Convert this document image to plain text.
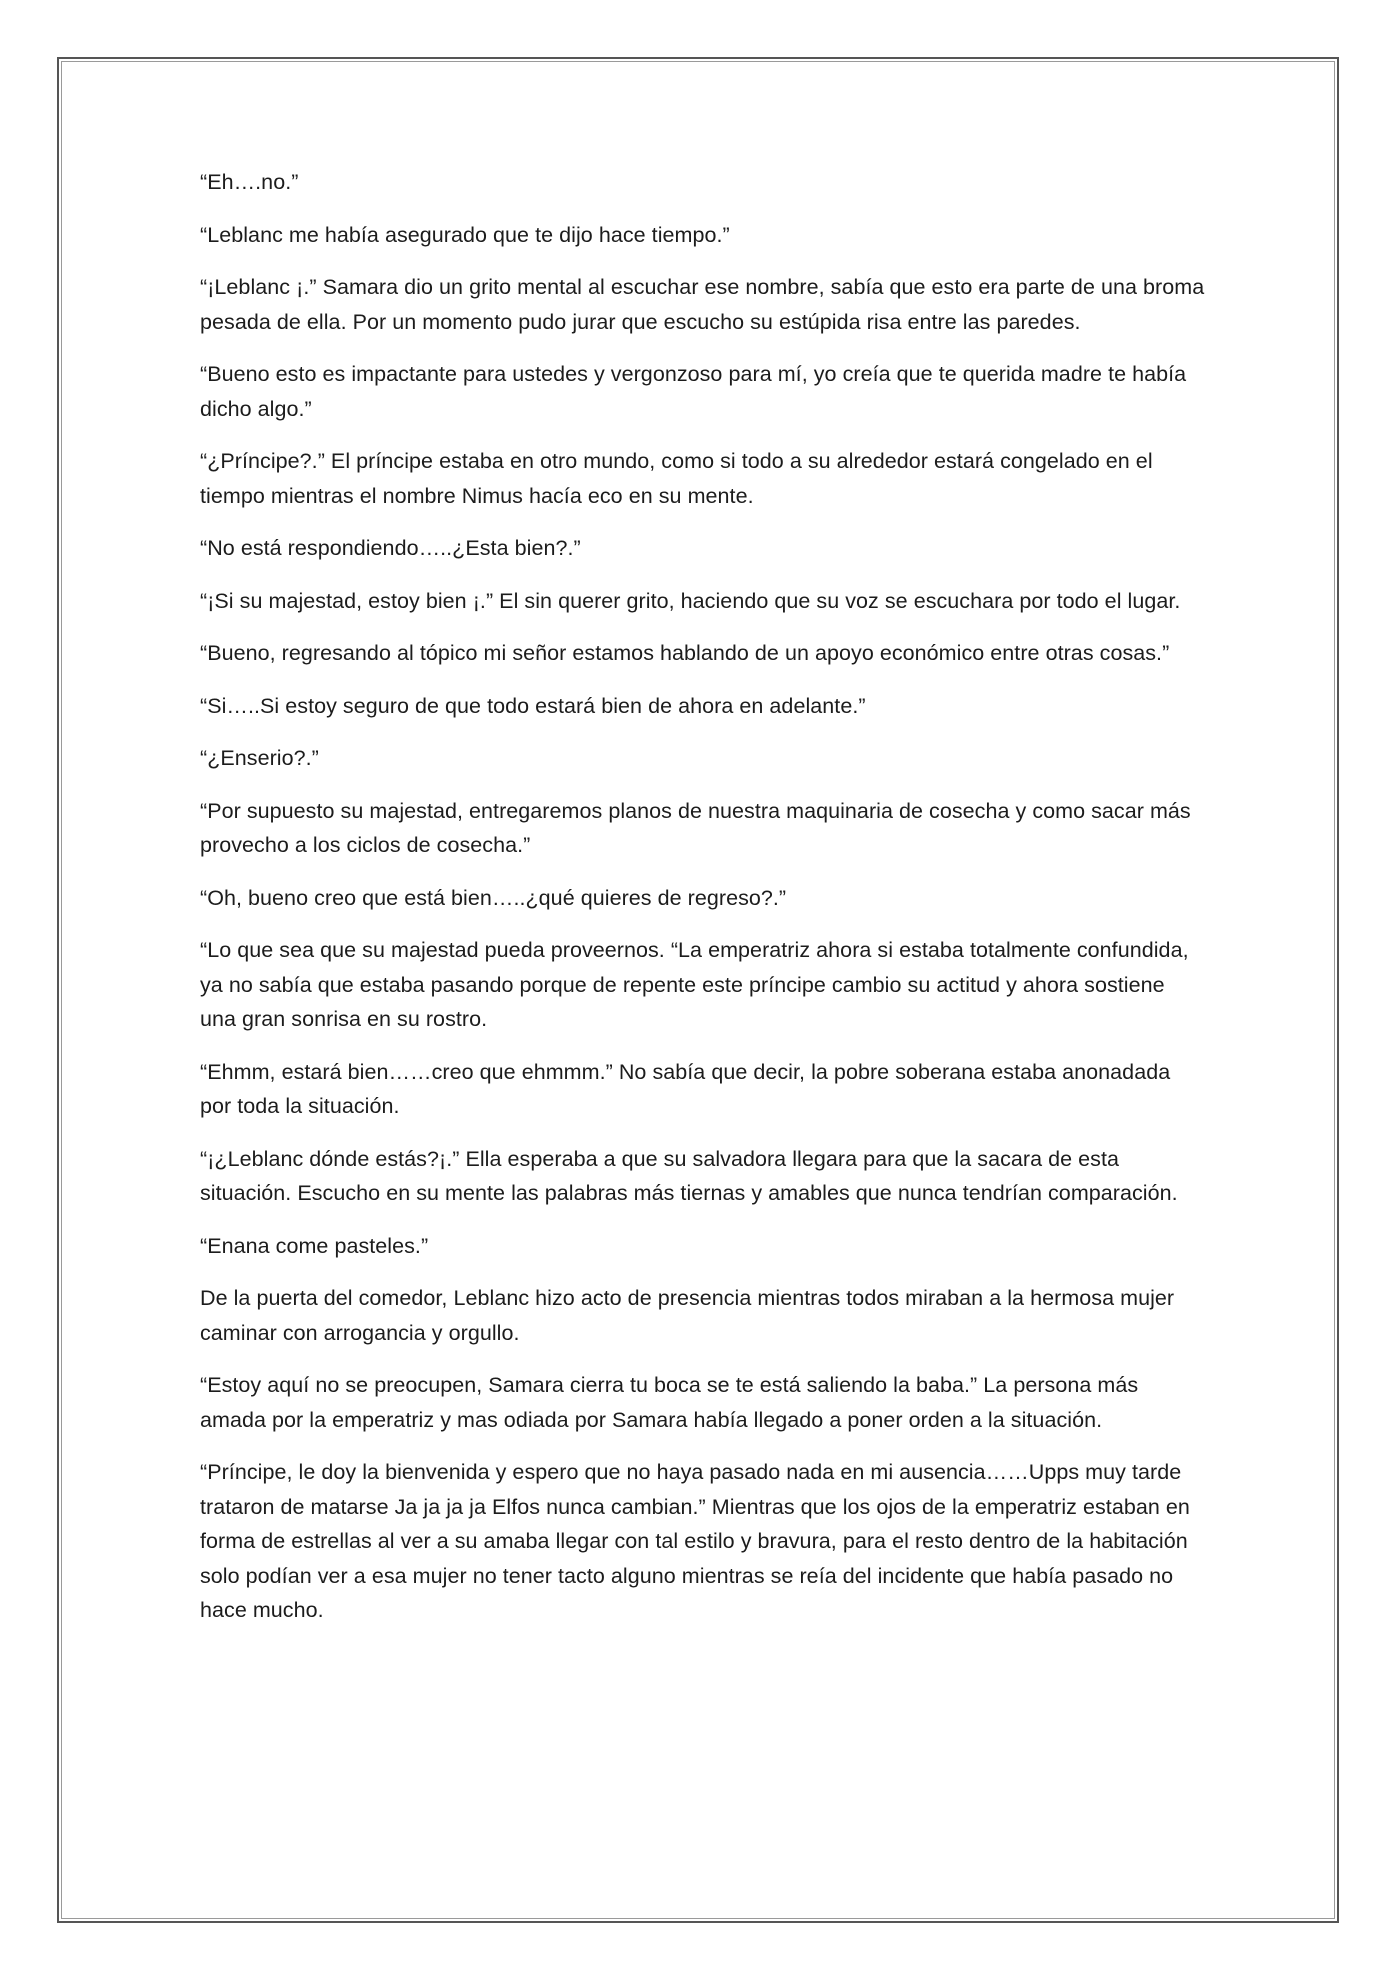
“Eh….no.”

“Leblanc me había asegurado que te dijo hace tiempo.”

“¡Leblanc ¡.” Samara dio un grito mental al escuchar ese nombre, sabía que esto era parte de una broma pesada de ella. Por un momento pudo jurar que escucho su estúpida risa entre las paredes.

“Bueno esto es impactante para ustedes y vergonzoso para mí, yo creía que te querida madre te había dicho algo.”

“¿Príncipe?.” El príncipe estaba en otro mundo, como si todo a su alrededor estará congelado en el tiempo mientras el nombre Nimus hacía eco en su mente.

“No está respondiendo…..¿Esta bien?.”

“¡Si su majestad, estoy bien ¡.” El sin querer grito, haciendo que su voz se escuchara por todo el lugar.

“Bueno, regresando al tópico mi señor estamos hablando de un apoyo económico entre otras cosas.”

“Si…..Si estoy seguro de que todo estará bien de ahora en adelante.”

“¿Enserio?.”

“Por supuesto su majestad, entregaremos planos de nuestra maquinaria de cosecha y como sacar más provecho a los ciclos de cosecha.”

“Oh, bueno creo que está bien…..¿qué quieres de regreso?.”

“Lo que sea que su majestad pueda proveernos. “La emperatriz ahora si estaba totalmente confundida, ya no sabía que estaba pasando porque de repente este príncipe cambio su actitud y ahora sostiene una gran sonrisa en su rostro.

“Ehmm, estará bien……creo que ehmmm.” No sabía que decir, la pobre soberana estaba anonadada por toda la situación.

“¡¿Leblanc dónde estás?¡.” Ella esperaba a que su salvadora llegara para que la sacara de esta situación. Escucho en su mente las palabras más tiernas y amables que nunca tendrían comparación.

“Enana come pasteles.”

De la puerta del comedor, Leblanc hizo acto de presencia mientras todos miraban a la hermosa mujer caminar con arrogancia y orgullo.

“Estoy aquí no se preocupen, Samara cierra tu boca se te está saliendo la baba.” La persona más amada por la emperatriz y mas odiada por Samara había llegado a poner orden a la situación.

“Príncipe, le doy la bienvenida y espero que no haya pasado nada en mi ausencia……Upps muy tarde trataron de matarse Ja ja ja ja Elfos nunca cambian.” Mientras que los ojos de la emperatriz estaban en forma de estrellas al ver a su amaba llegar con tal estilo y bravura, para el resto dentro de la habitación solo podían ver a esa mujer no tener tacto alguno mientras se reía del incidente que había pasado no hace mucho.
